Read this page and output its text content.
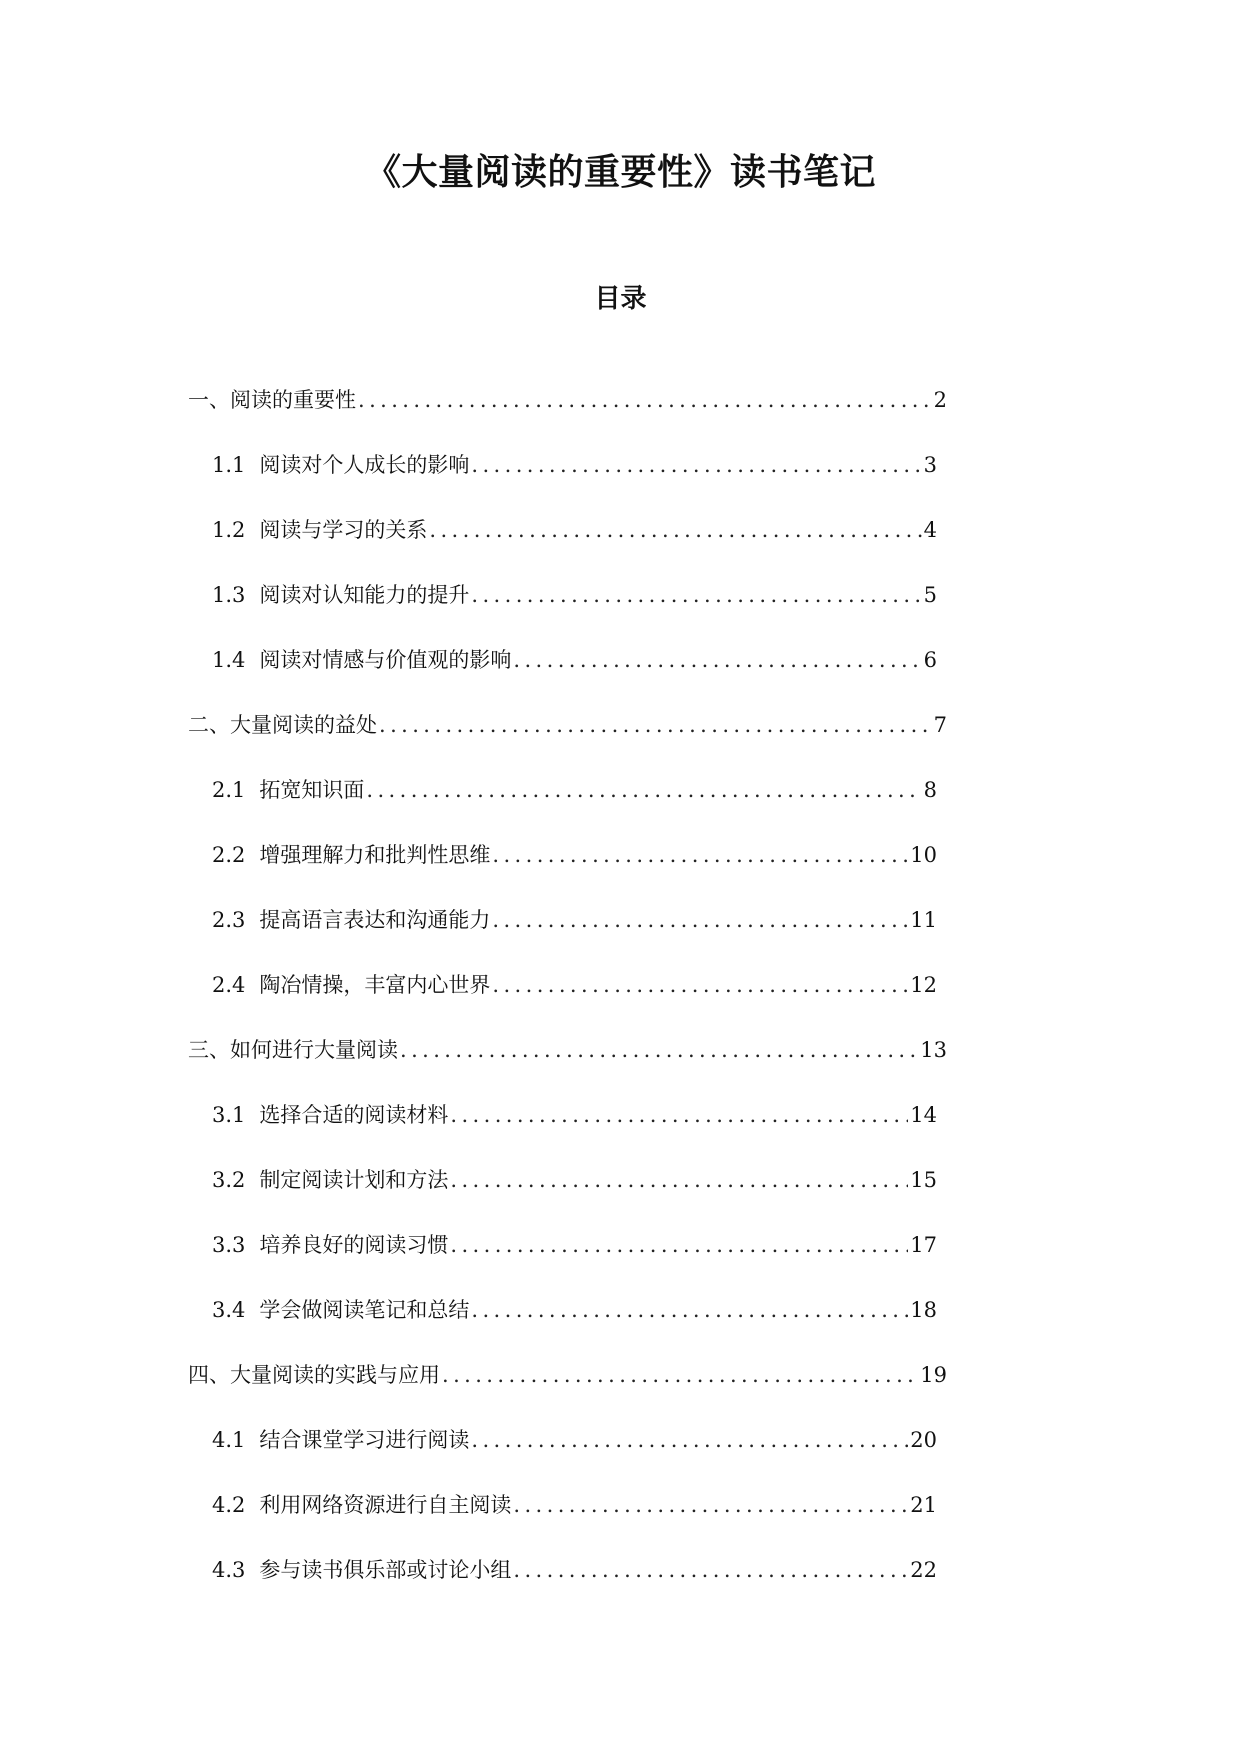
《大量阅读的重要性》读书笔记
目录
一、阅读的重要性 .....	2
1.1 阅读对个人成长的影响 .....	3
1.2 阅读与学习的关系 .....	4
1.3 阅读对认知能力的提升 .....	5
1.4 阅读对情感与价值观的影响 .....	6
二、大量阅读的益处 .....	7
2.1 拓宽知识面 .....	8
2.2 增强理解力和批判性思维 .....	10
2.3 提高语言表达和沟通能力 .....	11
2.4 陶冶情操，丰富内心世界 .....	12
三、如何进行大量阅读 .....	13
3.1 选择合适的阅读材料 .....	14
3.2 制定阅读计划和方法 .....	15
3.3 培养良好的阅读习惯 .....	17
3.4 学会做阅读笔记和总结 .....	18
四、大量阅读的实践与应用 .....	19
4.1 结合课堂学习进行阅读 .....	20
4.2 利用网络资源进行自主阅读 .....	21
4.3 参与读书俱乐部或讨论小组 .....	22
